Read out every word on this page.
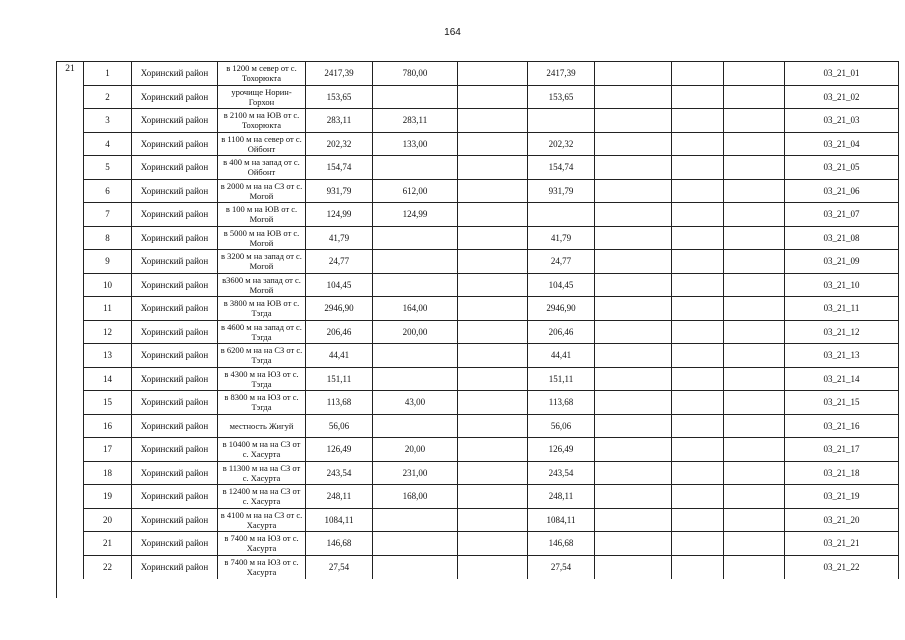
164
21	1	Хоринский район	в 1200 м север от с. Тохорюкта	2417,39	780,00		2417,39				03_21_01
2	Хоринский район	урочище Норин-Горхон	153,65			153,65				03_21_02
3	Хоринский район	в 2100 м на ЮВ от с. Тохорюкта	283,11	283,11						03_21_03
4	Хоринский район	в 1100 м на север от с. Ойбонт	202,32	133,00		202,32				03_21_04
5	Хоринский район	в 400 м на запад от с. Ойбонт	154,74			154,74				03_21_05
6	Хоринский район	в 2000 м на на СЗ от с. Могой	931,79	612,00		931,79				03_21_06
7	Хоринский район	в 100 м на ЮВ от с. Могой	124,99	124,99						03_21_07
8	Хоринский район	в 5000 м на ЮВ от с. Могой	41,79			41,79				03_21_08
9	Хоринский район	в 3200 м на запад от с. Могой	24,77			24,77				03_21_09
10	Хоринский район	в3600 м на запад от с. Могой	104,45			104,45				03_21_10
11	Хоринский район	в 3800 м на ЮВ от с. Тэгда	2946,90	164,00		2946,90				03_21_11
12	Хоринский район	в 4600 м на запад от с. Тэгда	206,46	200,00		206,46				03_21_12
13	Хоринский район	в 6200 м на на СЗ от с. Тэгда	44,41			44,41				03_21_13
14	Хоринский район	в 4300 м на ЮЗ от с. Тэгда	151,11			151,11				03_21_14
15	Хоринский район	в 8300 м на ЮЗ от с. Тэгда	113,68	43,00		113,68				03_21_15
16	Хоринский район	местность Жигуй	56,06			56,06				03_21_16
17	Хоринский район	в 10400 м на на СЗ от с. Хасурта	126,49	20,00		126,49				03_21_17
18	Хоринский район	в 11300 м на на СЗ от с. Хасурта	243,54	231,00		243,54				03_21_18
19	Хоринский район	в 12400 м на на СЗ от с. Хасурта	248,11	168,00		248,11				03_21_19
20	Хоринский район	в 4100 м на на СЗ от с. Хасурта	1084,11			1084,11				03_21_20
21	Хоринский район	в 7400 м на ЮЗ от с. Хасурта	146,68			146,68				03_21_21
22	Хоринский район	в 7400 м на ЮЗ от с. Хасурта	27,54			27,54				03_21_22
